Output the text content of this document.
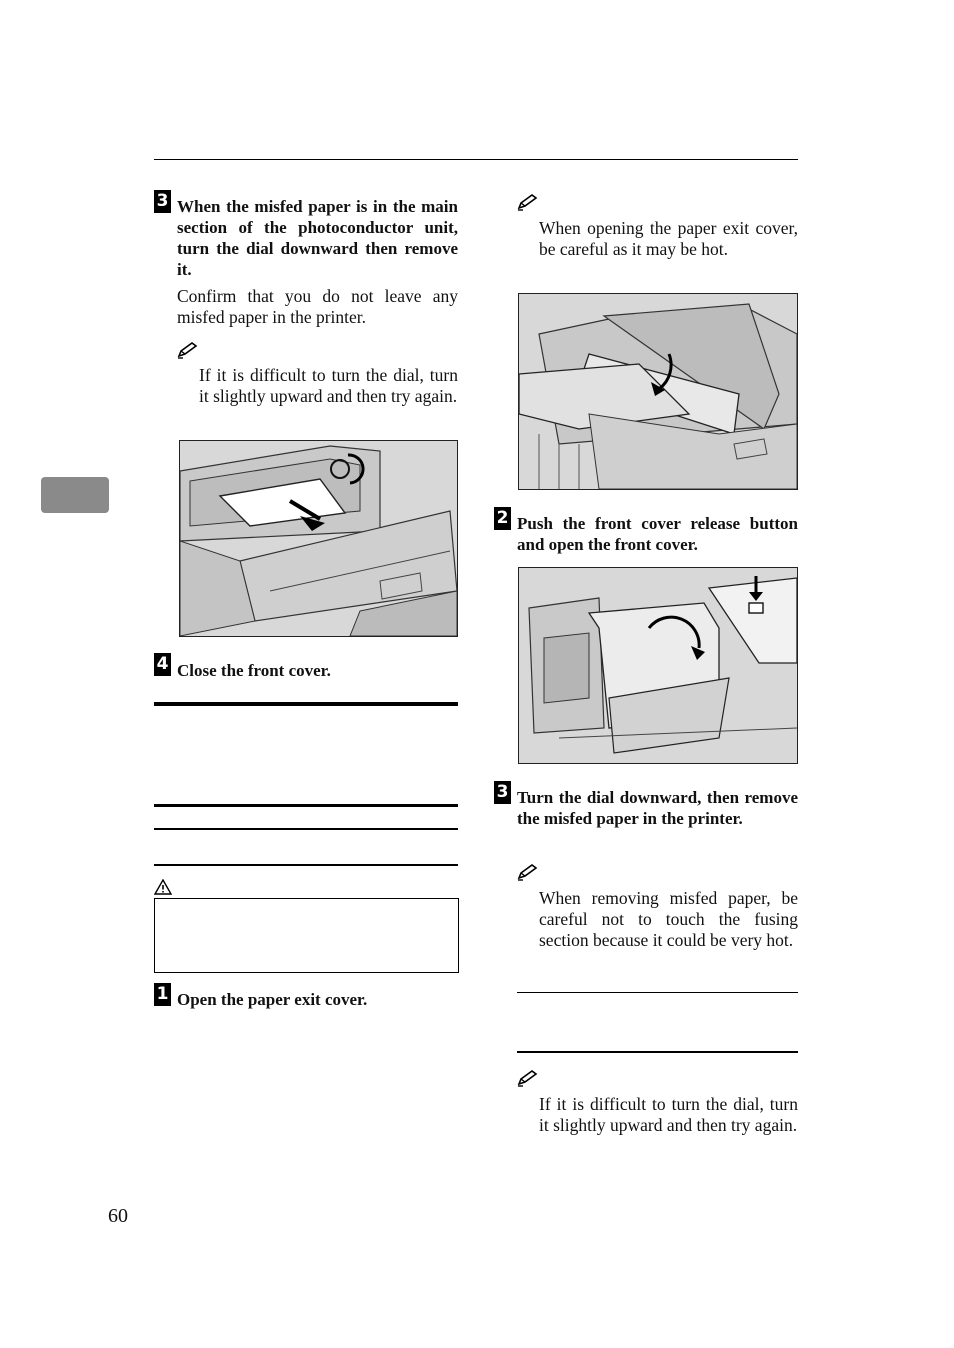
3 When the misfed paper is in the main section of the photoconductor unit, turn the dial downward then remove it.
Confirm that you do not leave any misfed paper in the printer.
If it is difficult to turn the dial, turn it slightly upward and then try again.
4 Close the front cover.
1 Open the paper exit cover.
When opening the paper exit cover, be careful as it may be hot.
2 Push the front cover release button and open the front cover.
3 Turn the dial downward, then remove the misfed paper in the printer.
When removing misfed paper, be careful not to touch the fusing section because it could be very hot.
If it is difficult to turn the dial, turn it slightly upward and then try again.
60
